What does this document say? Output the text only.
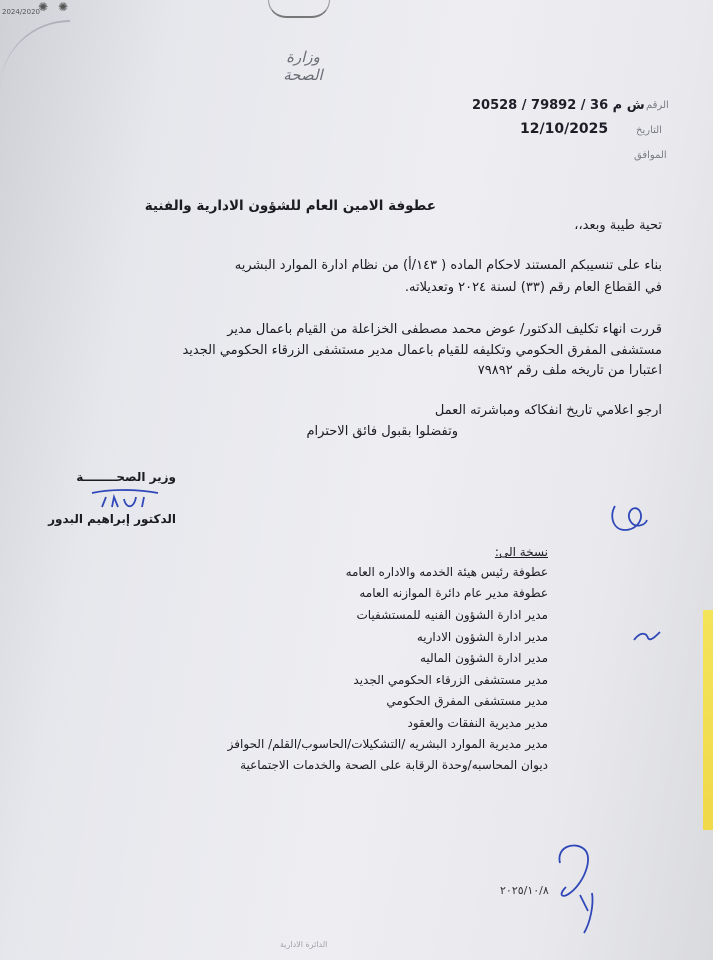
2024/2020
✺ ✺
وزارة الصحة
الرقم
20528 / 79892 / 36 ش م
التاريخ
12/10/2025
الموافق
عطوفة الامين العام للشؤون الادارية والفنية
تحية طيبة وبعد،،
بناء على تنسيبكم المستند لاحكام الماده ( ١٤٣/أ) من نظام ادارة الموارد البشريه
في القطاع العام رقم (٣٣) لسنة ٢٠٢٤ وتعديلاته.
قررت انهاء تكليف الدكتور/ عوض محمد مصطفى الخزاعلة من القيام باعمال مدير
مستشفى المفرق الحكومي وتكليفه للقيام باعمال مدير مستشفى الزرقاء الحكومي الجديد
اعتبارا من تاريخه ملف رقم ٧٩٨٩٢
ارجو اعلامي تاريخ انفكاكه ومباشرته العمل
وتفضلوا بقبول فائق الاحترام
وزير الصحــــــــة
الدكتور إبراهيم البدور
نسخة الى:
عطوفة رئيس هيئة الخدمه والاداره العامه
عطوفة مدير عام دائرة الموازنه العامه
مدير ادارة الشؤون الفنيه للمستشفيات
مدير ادارة الشؤون الاداريه
مدير ادارة الشؤون الماليه
مدير مستشفى الزرقاء الحكومي الجديد
مدير مستشفى المفرق الحكومي
مدير مديرية النفقات والعقود
مدير مديرية الموارد البشريه /التشكيلات/الحاسوب/القلم/ الحوافز
ديوان المحاسبه/وحدة الرقابة على الصحة والخدمات الاجتماعية
٢٠٢٥/١٠/٨
الدائرة الادارية
